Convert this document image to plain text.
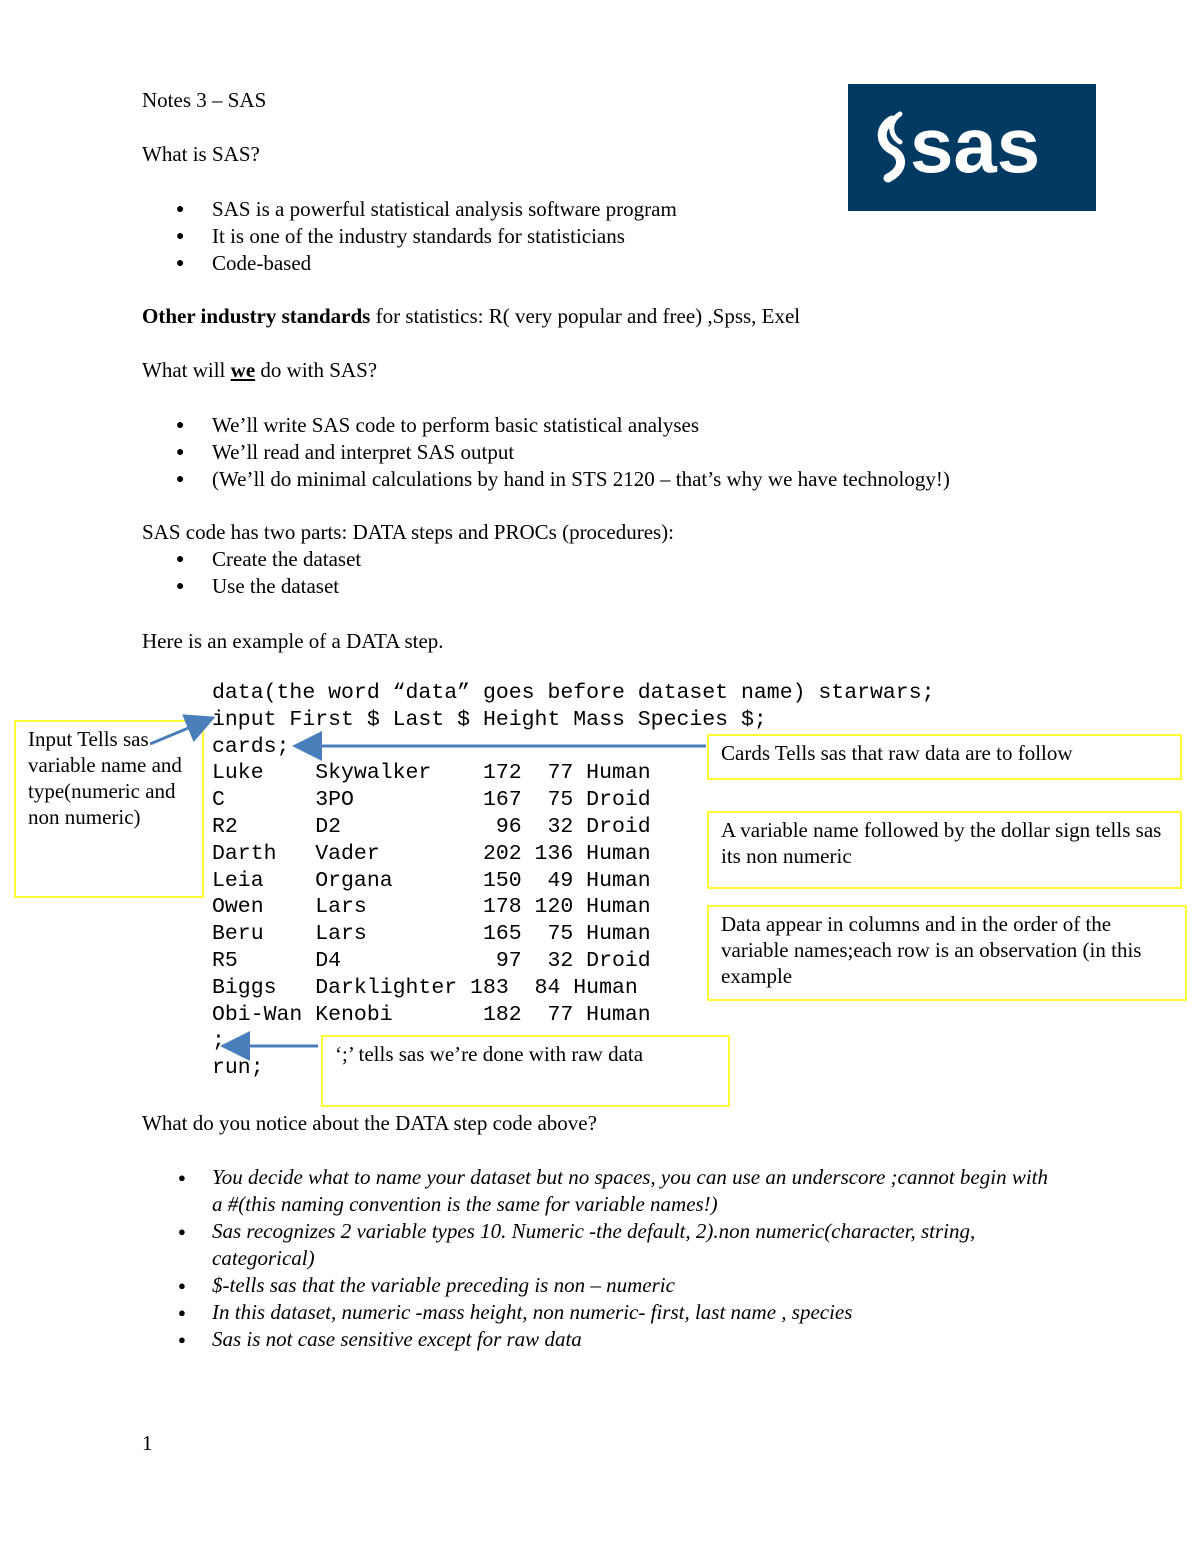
Notes 3 – SAS
What is SAS?	sas
● SAS is a powerful statistical analysis software program
● It is one of the industry standards for statisticians
● Code-based
Other industry standards for statistics: R( very popular and free) ,Spss, Exel
What will we do with SAS?
● We’ll write SAS code to perform basic statistical analyses
● We’ll read and interpret SAS output
● (We’ll do minimal calculations by hand in STS 2120 – that’s why we have technology!)
SAS code has two parts: DATA steps and PROCs (procedures):
● Create the dataset
● Use the dataset
Here is an example of a DATA step.
data(the word “data” goes before dataset name) starwars;
input First $ Last $ Height Mass Species $;
cards;
Luke    Skywalker    172  77 Human
C       3PO          167  75 Droid
R2      D2            96  32 Droid
Darth   Vader        202 136 Human
Leia    Organa       150  49 Human
Owen    Lars         178 120 Human
Beru    Lars         165  75 Human
R5      D4            97  32 Droid
Biggs   Darklighter 183  84 Human
Obi-Wan Kenobi       182  77 Human
;
run;
Input Tells sas variable name and type(numeric and non numeric)
Cards Tells sas that raw data are to follow
A variable name followed by the dollar sign tells sas its non numeric
Data appear in columns and in the order of the variable names;each row is an observation (in this example
‘;’ tells sas we’re done with raw data
What do you notice about the DATA step code above?
● You decide what to name your dataset but no spaces, you can use an underscore ;cannot begin with a #(this naming convention is the same for variable names!)
● Sas recognizes 2 variable types 10. Numeric -the default, 2).non numeric(character, string, categorical)
● $-tells sas that the variable preceding is non – numeric
● In this dataset, numeric -mass height, non numeric- first, last name , species
● Sas is not case sensitive except for raw data
1
